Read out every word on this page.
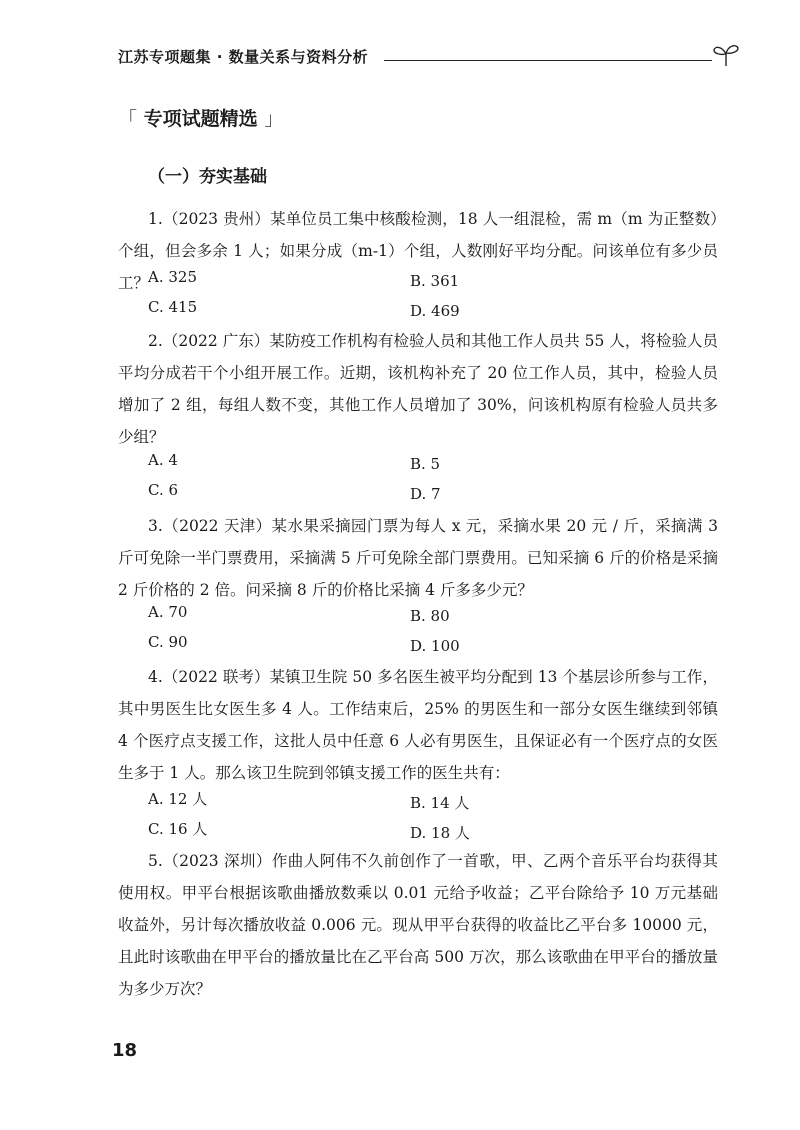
江苏专项题集 · 数量关系与资料分析
「 专项试题精选 」
（一）夯实基础
1.（2023 贵州）某单位员工集中核酸检测，18 人一组混检，需 m（m 为正整数）个组，但会多余 1 人；如果分成（m-1）个组，人数刚好平均分配。问该单位有多少员工？
A. 325	B. 361
C. 415	D. 469
2.（2022 广东）某防疫工作机构有检验人员和其他工作人员共 55 人，将检验人员平均分成若干个小组开展工作。近期，该机构补充了 20 位工作人员，其中，检验人员增加了 2 组，每组人数不变，其他工作人员增加了 30%，问该机构原有检验人员共多少组？
A. 4	B. 5
C. 6	D. 7
3.（2022 天津）某水果采摘园门票为每人 x 元，采摘水果 20 元 / 斤，采摘满 3 斤可免除一半门票费用，采摘满 5 斤可免除全部门票费用。已知采摘 6 斤的价格是采摘 2 斤价格的 2 倍。问采摘 8 斤的价格比采摘 4 斤多多少元？
A. 70	B. 80
C. 90	D. 100
4.（2022 联考）某镇卫生院 50 多名医生被平均分配到 13 个基层诊所参与工作，其中男医生比女医生多 4 人。工作结束后，25% 的男医生和一部分女医生继续到邻镇 4 个医疗点支援工作，这批人员中任意 6 人必有男医生，且保证必有一个医疗点的女医生多于 1 人。那么该卫生院到邻镇支援工作的医生共有：
A. 12 人	B. 14 人
C. 16 人	D. 18 人
5.（2023 深圳）作曲人阿伟不久前创作了一首歌，甲、乙两个音乐平台均获得其使用权。甲平台根据该歌曲播放数乘以 0.01 元给予收益；乙平台除给予 10 万元基础收益外，另计每次播放收益 0.006 元。现从甲平台获得的收益比乙平台多 10000 元，且此时该歌曲在甲平台的播放量比在乙平台高 500 万次，那么该歌曲在甲平台的播放量为多少万次？
18
